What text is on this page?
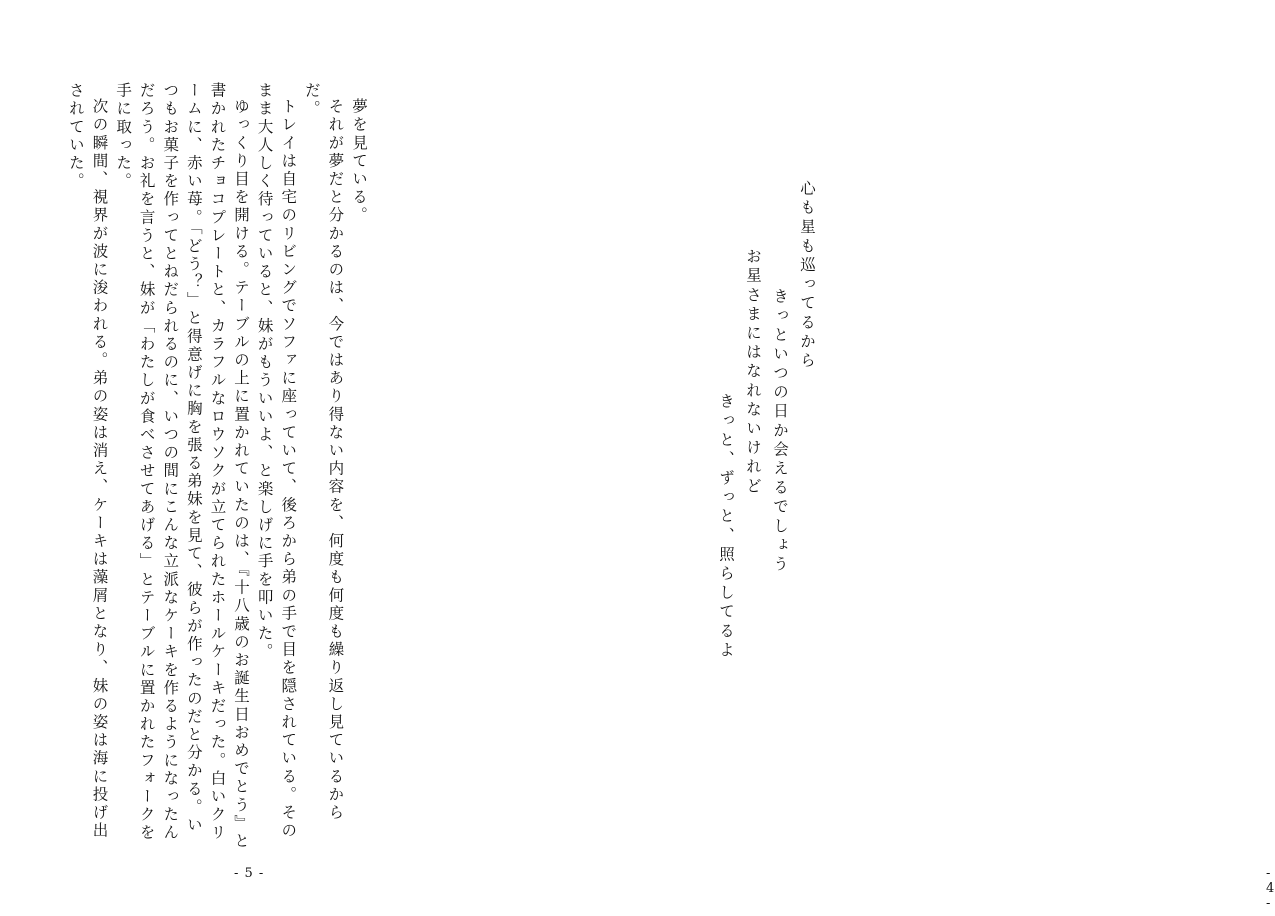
夢を見ている。

それが夢だと分かるのは、今ではあり得ない内容を、何度も何度も繰り返し見ているからだ。

トレイは自宅のリビングでソファに座っていて、後ろから弟の手で目を隠されている。そのまま大人しく待っていると、妹がもういいよ、と楽しげに手を叩いた。

ゆっくり目を開ける。テーブルの上に置かれていたのは、『十八歳のお誕生日おめでとう』と書かれたチョコプレートと、カラフルなロウソクが立てられたホールケーキだった。白いクリームに、赤い苺。「どう？」と得意げに胸を張る弟妹を見て、彼らが作ったのだと分かる。いつもお菓子を作ってとねだられるのに、いつの間にこんな立派なケーキを作るようになったんだろう。お礼を言うと、妹が「わたしが食べさせてあげる」とテーブルに置かれたフォークを手に取った。

次の瞬間、視界が波に浚われる。弟の姿は消え、ケーキは藻屑となり、妹の姿は海に投げ出されていた。

- 5 -
心も星も巡ってるから
きっといつの日か会えるでしょう
お星さまにはなれないけれど
きっと、ずっと、照らしてるよ
- 4 -
